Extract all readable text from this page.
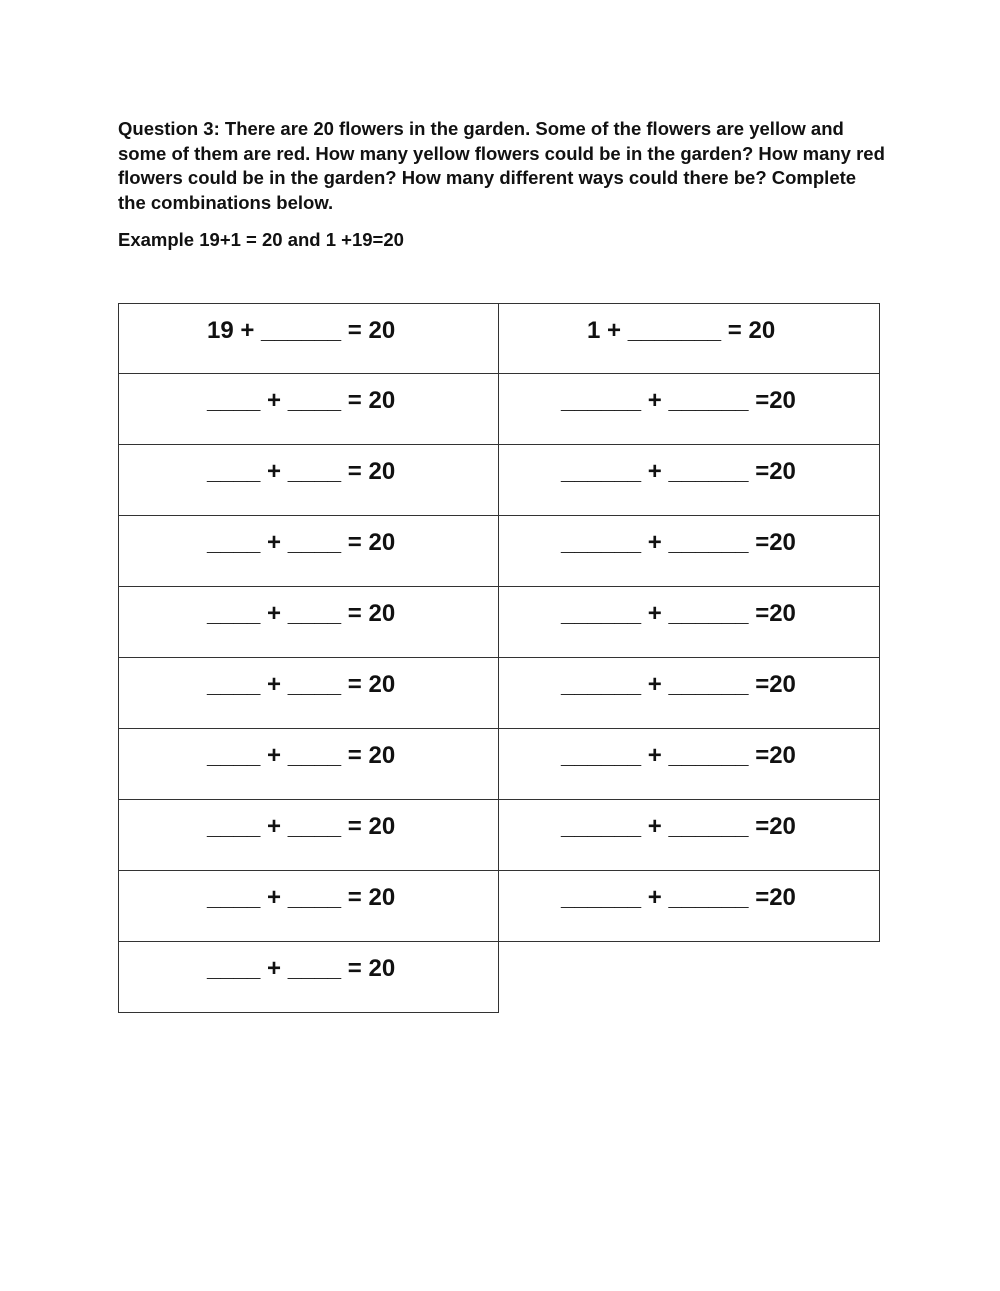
Question 3: There are 20 flowers in the garden. Some of the flowers are yellow and some of them are red. How many yellow flowers could be in the garden? How many red flowers could be in the garden? How many different ways could there be? Complete the combinations below.

Example 19+1 = 20 and 1 +19=20

19 + ______ = 20	1 + _______ = 20
____ + ____ = 20	______ + ______ =20
____ + ____ = 20	______ + ______ =20
____ + ____ = 20	______ + ______ =20
____ + ____ = 20	______ + ______ =20
____ + ____ = 20	______ + ______ =20
____ + ____ = 20	______ + ______ =20
____ + ____ = 20	______ + ______ =20
____ + ____ = 20	______ + ______ =20
____ + ____ = 20
